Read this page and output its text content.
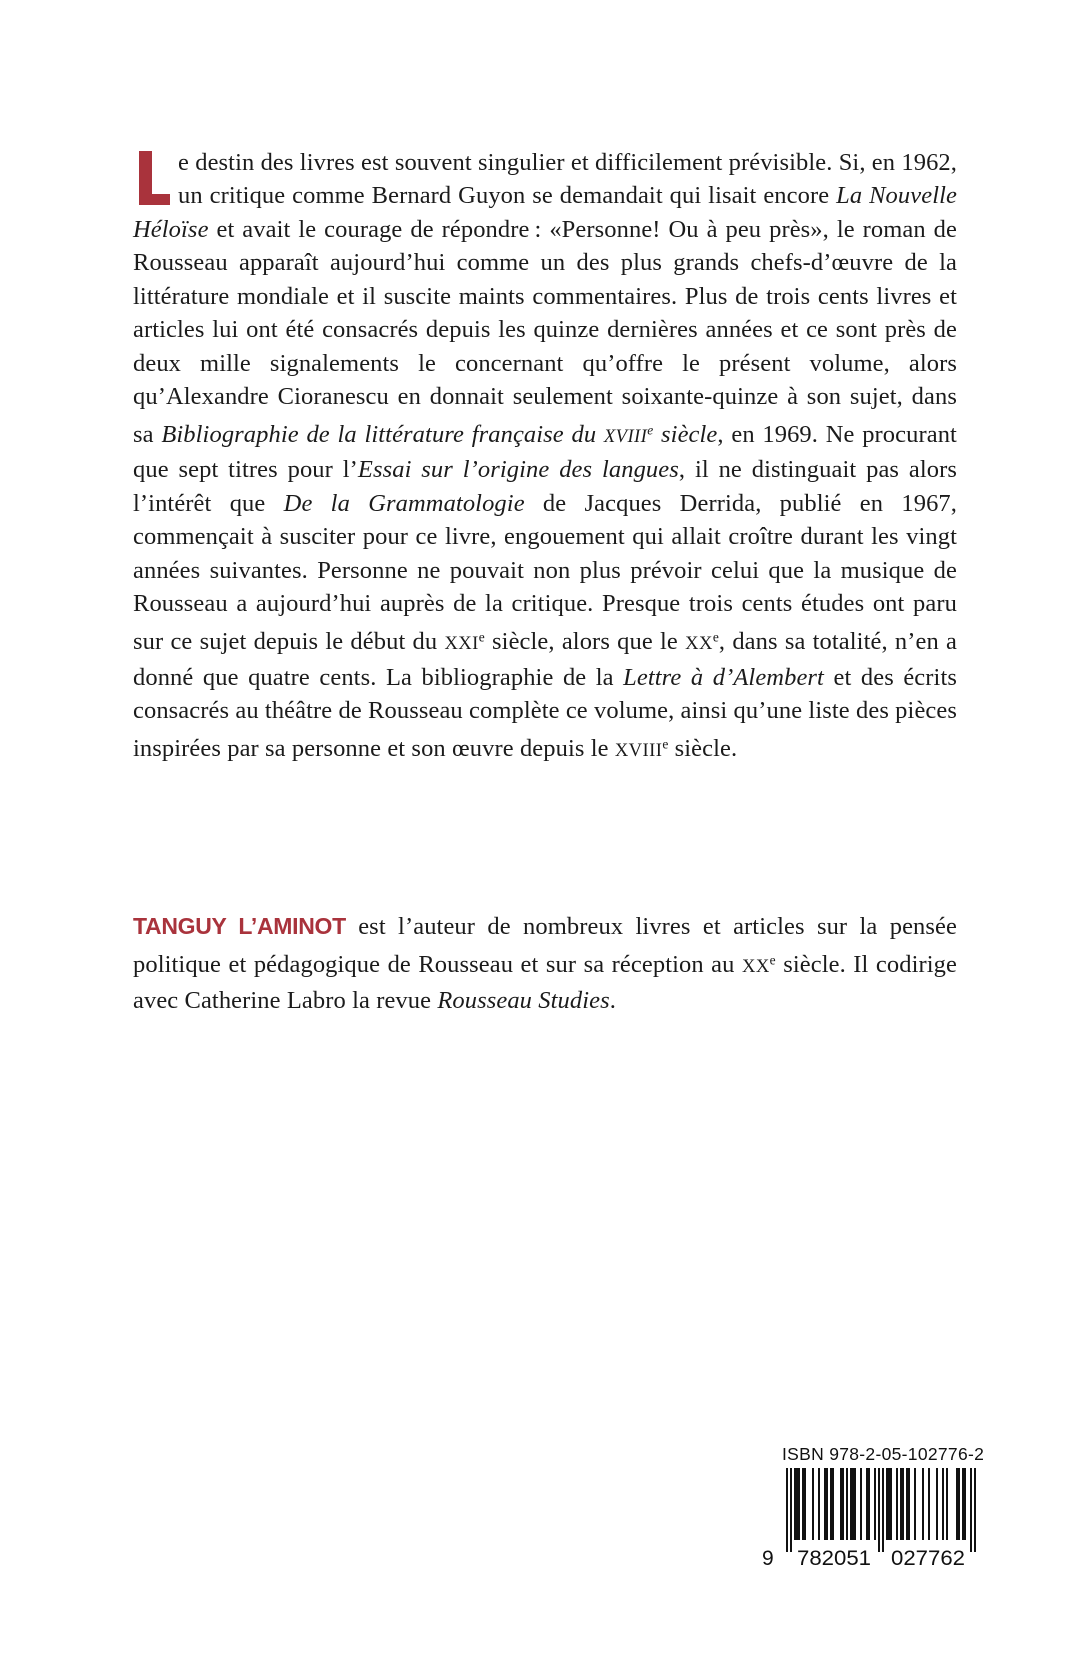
e destin des livres est souvent singulier et difficilement prévisible. Si, en 1962, un critique comme Bernard Guyon se demandait qui lisait encore La Nouvelle Héloïse et avait le courage de répondre : «Personne! Ou à peu près», le roman de Rousseau apparaît aujourd’hui comme un des plus grands chefs-d’œuvre de la littérature mondiale et il suscite maints commentaires. Plus de trois cents livres et articles lui ont été consacrés depuis les quinze dernières années et ce sont près de deux mille signalements le concernant qu’offre le présent volume, alors qu’Alexandre Cioranescu en donnait seulement soixante-quinze à son sujet, dans sa Bibliographie de la littérature française du XVIIIe siècle, en 1969. Ne procurant que sept titres pour l’Essai sur l’origine des langues, il ne distinguait pas alors l’intérêt que De la Grammatologie de Jacques Derrida, publié en 1967, commençait à susciter pour ce livre, engouement qui allait croître durant les vingt années suivantes. Personne ne pouvait non plus prévoir celui que la musique de Rousseau a aujourd’hui auprès de la critique. Presque trois cents études ont paru sur ce sujet depuis le début du XXIe siècle, alors que le XXe, dans sa totalité, n’en a donné que quatre cents. La bibliographie de la Lettre à d’Alembert et des écrits consacrés au théâtre de Rousseau complète ce volume, ainsi qu’une liste des pièces inspirées par sa personne et son œuvre depuis le XVIIIe siècle.

TANGUY L’AMINOT est l’auteur de nombreux livres et articles sur la pensée politique et pédagogique de Rousseau et sur sa réception au XXe siècle. Il codirige avec Catherine Labro la revue Rousseau Studies.

ISBN 978-2-05-102776-2
9 782051 027762
